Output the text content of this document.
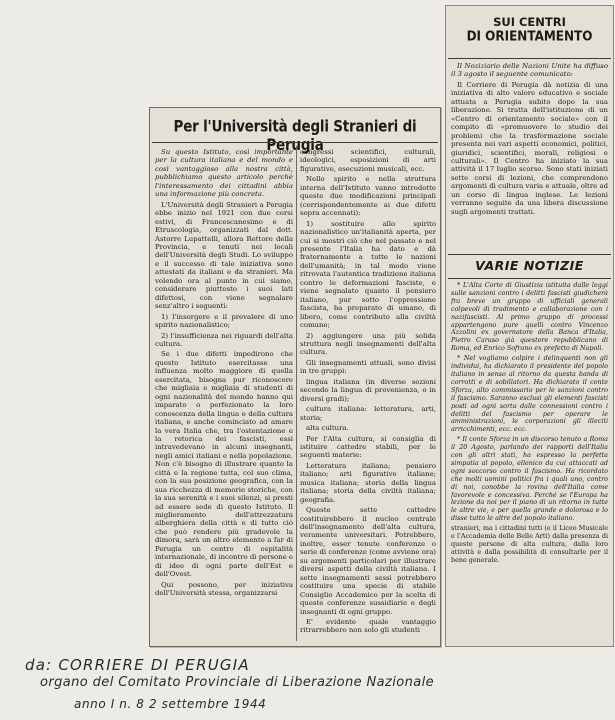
Per l'Università degli Stranieri di Perugia

Su questo Istituto, così importante per la cultura italiana e del mondo e così vantaggioso alla nostra città, pubblichiamo questo articolo perchè l'interessamento dei cittadini abbia una informazione più concreta.

L'Università degli Stranieri a Perugia ebbe inizio nel 1921 con due corsi estivi, di Francescanesimo e di Etruscologia, organizzati dal dott. Astorre Lupattelli, allora Rettore della Provincia, e tenuti nei locali dell'Università degli Studi. Lo sviluppo e il successo di tale iniziativa sono attestati da italiani e da stranieri. Ma volendo ora al punto in cui siamo, considerare piuttosto i suoi lati difettosi, con viene segnalare senz'altro i seguenti:

1) l'insorgere e il prevalere di uno spirito nazionalistico;

2) l'insufficienza nei riguardi dell'alta cultura.

Se i due difetti impedirono che questo Istituto esercitasse una influenza molto maggiore di quella esercitata, bisogna pur riconoscere che migliaia e migliaia di studenti di ogni nazionalità del mondo hanno qui imparato o perfezionato la loro conoscenza della lingua e della cultura italiana, e anche cominciato ad amare la vera Italia che, tra l'ostentazione e la retorica dei fascisti, essi intravedevano in alcuni insegnanti, negli amici italiani e nella popolazione. Non c'è bisogno di illustrare quanto la città e la regione tutta, col suo clima, con la sua posizione geografica, con la sua ricchezza di memorie storiche, con la sua serenità e i suoi silenzi, si presti ad essere sede di questo Istituto. Il miglioramento dell'attrezzatura alberghiera della città e di tutto ciò che può rendere più gradevole la dimora, sarà un altro elemento a far di Perugia un centro di ospitalità internazionale, di incontro di persone e di idee di ogni parte dell'Est e dell'Ovest.

Qui possono, per iniziativa dell'Università stessa, organizzarsi

congressi scientifici, culturali, ideologici, esposizioni di arti figurative, esecuzioni musicali, ecc.

Nello spirito e nella struttura interna dell'Istituto vanno introdotte queste due modificazioni principali (corrispondentemente ai due difetti sopra accennati):

1) sostituire allo spirito nazionalistico un'italianità aperta, per cui si mostri ciò che nel passato e nel presente l'Italia ha dato e dà fraternamente a tutte le nazioni dell'umanità; in tal modo viene ritrovata l'autentica tradizione italiana contro le deformazioni fasciste, e viene segnalato quanto il pensiero italiano, pur sotto l'oppressione fascista, ha preparato di umano, di libero, come contributo alla civiltà comune;

2) aggiungere una più solida struttura negli insegnamenti dell'alta cultura.

Gli insegnamenti attuali, sono divisi in tre gruppi:

lingua italiana (in diverse sezioni secondo la lingua di provenienza, o in diversi gradi);

cultura italiana: letteratura, arti, storia;

alta cultura.

Per l'Alta cultura, si consiglia di istituire cattedre stabili, per le seguenti materie:

Letteratura italiana; pensiero italiano; arti figurative italiane; musica italiana; storia della lingua italiana; storia della civiltà italiana; geografia.

Queste sette cattedre costituirebbero il nucleo centrale dell'insegnamento dell'alta cultura, veramente universitari. Potrebbero, inoltre, esser tenute conferenze o serie di conferenze (come avviene ora) su argomenti particolari per illustrare diversi aspetti della civiltà italiana. I sette insegnamenti sessi potrebbero costituire una specie di stabile Consiglio Accademico per la scelta di queste conferenze sussidiarie e degli insegnanti di ogni gruppo.

E' evidente quale vantaggio ritrarrebbero non solo gli studenti

SUI CENTRI
DI ORIENTAMENTO

Il Noziziario delle Nazioni Unite ha diffuso il 3 agosto il seguente comunicato:

Il Corriere di Perugia dà notizia di una iniziativa di alto valore educativo e sociale attuata a Perugia subito dopo la sua liberazione. Si tratta dell'istituzione di un «Centro di orientamento sociale» con il compito di «promuovere lo studio dei problemi che la trasformazione sociale presenta nei vari aspetti economici, politici, giuridici, scientifici, morali, religiosi e culturali». Il Centro ha iniziato la sua attività il 17 luglio scorso. Sono stati iniziati sette corsi di lezioni, che comprendono argomenti di cultura varia e attuale, oltre ad un corso di lingua inglese. Le lezioni verranno seguite da una libera discussione sugli argomenti trattati.

VARIE NOTIZIE

* L'Alta Corte di Giustizia istituita dalle leggi sulle sanzioni contro i delitti fascisti giudicherà fra breve un gruppo di ufficiali generali colpevoli di tradimento e collaborazione con i nazifascisti. Al primo gruppo di processi appartengono pure quelli contro Vincenzo Azzolini ex governatore della Banca d'Italia, Pietro Caruso già questore repubblicano di Roma, ed Enrico Sofrano ex prefetto di Napoli.

* Nel vogliamo colpire i delinquenti non gli individui, ha dichiarato il presidente del popolo italiano in senso al ritorno da questa banda di corrotti e di sobillatori. Ha dichiarato il conte Sforza, alto commissario per le sanzioni contro il fascismo. Saranno esclusi gli elementi fascisti posti ad ogni sorta dalle connessioni contro i delitti del fascismo per operare le amministrazioni, le corporazioni gli illeciti arricchimenti, ecc. ecc.

* Il conte Sforza in un discorso tenuto a Roma il 20 Agosto, parlando dei rapporti dell'Italia con gli altri stati, ha espresso la perfetta simpatia al popolo, ellenico da cui attaccati ad ogni soccorso contro il fascismo. Ha ricordato che molti uomini politici fra i quali uno, contro di noi, conobbe la rovina dell'Italia come favorevole e concessiva. Perché se l'Europa ha lezione da noi per il piano di un ritorno in tutte le altre vie, e per quella grande e dolorosa e lo disse tutto le altre del popolo italiano.

stranieri, ma i cittadini tutti (e il Liceo Musicale e l'Accademia delle Belle Arti) dalla presenza di queste persone di alta cultura, dalla loro attività e dalla possibilità di consultarle per il bene generale.

da: CORRIERE DI PERUGIA
organo del Comitato Provinciale di Liberazione Nazionale
anno I n. 8 2 settembre 1944
